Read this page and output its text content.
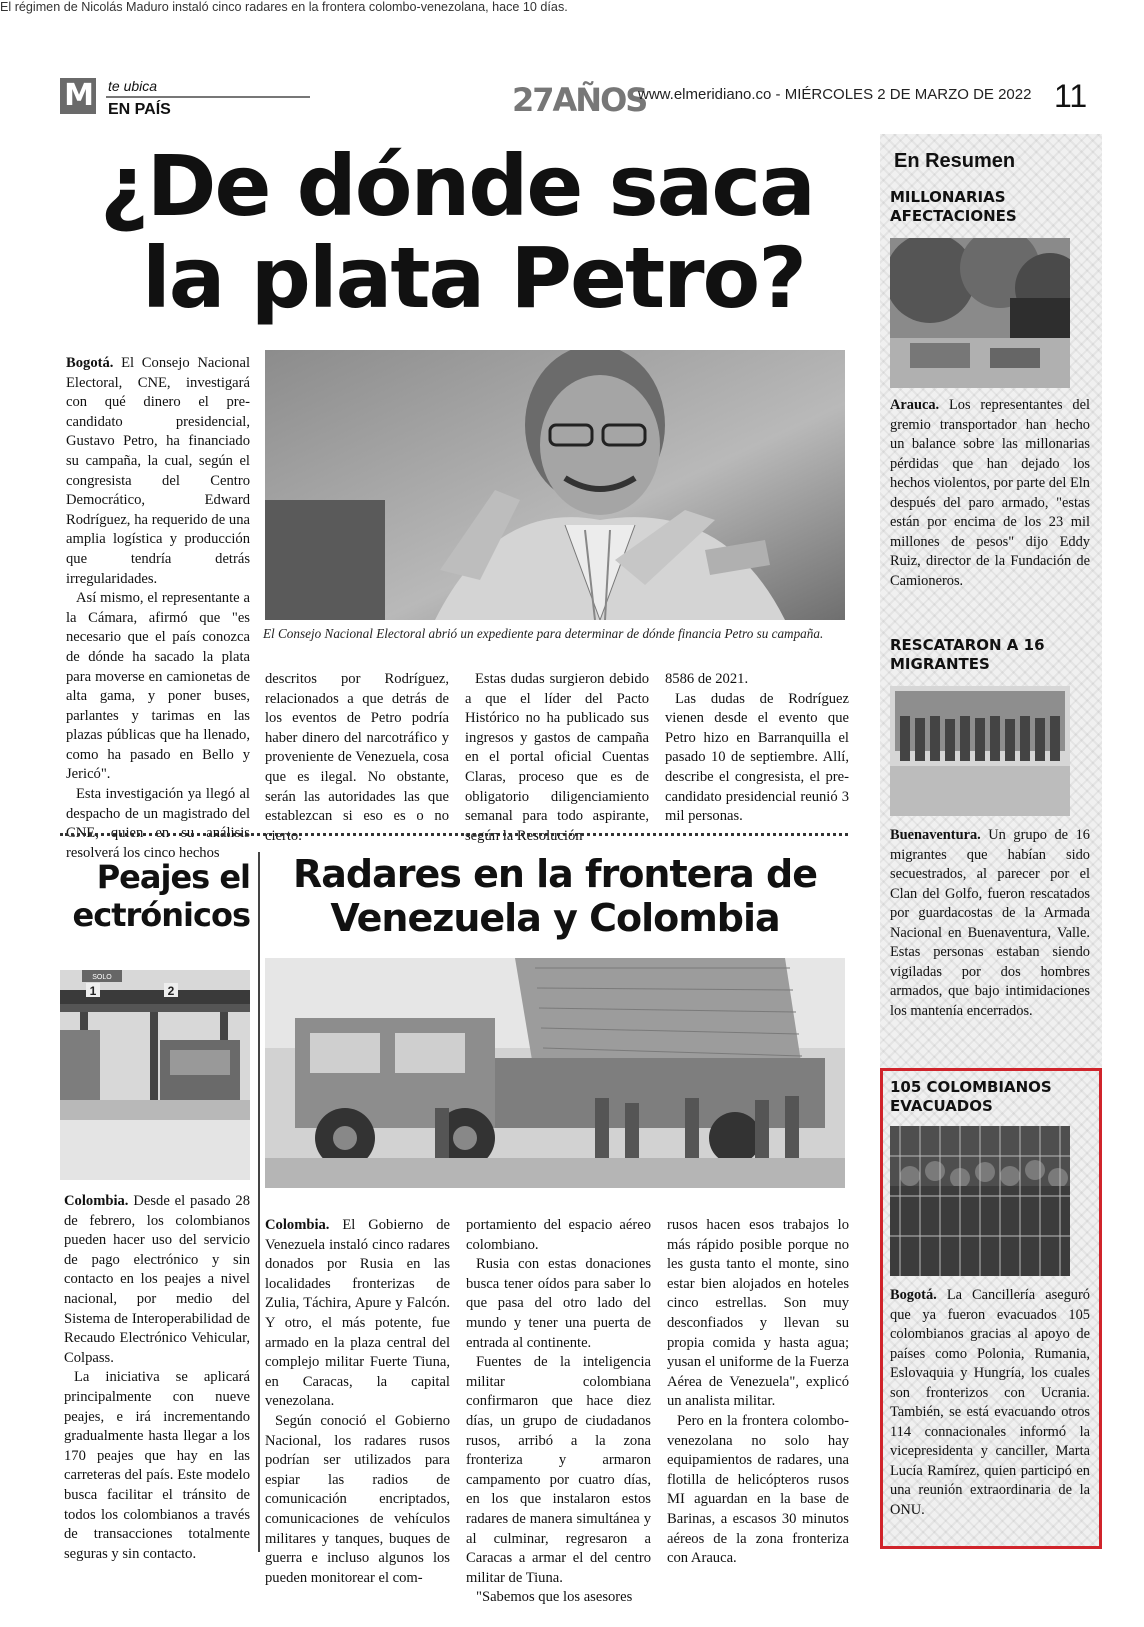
M te ubica
EN PAÍS	27AÑOS
www.elmeridiano.co - MIÉRCOLES 2 DE MARZO DE 2022 11
¿De dónde saca
la plata Petro?

Bogotá. El Consejo Nacional Electoral, CNE, investigará con qué dinero el pre-candidato presidencial, Gustavo Petro, ha financiado su campaña, la cual, según el congresista del Centro Democrático, Edward Rodríguez, ha requerido de una amplia logística y producción que tendría detrás irregularidades.

Así mismo, el representante a la Cámara, afirmó que "es necesario que el país conozca de dónde ha sacado la plata para moverse en camionetas de alta gama, y poner buses, parlantes y tarimas en las plazas públicas que ha llenado, como ha pasado en Bello y Jericó".

Esta investigación ya llegó al despacho de un magistrado del CNE, quien en su análisis resolverá los cinco hechos

El Consejo Nacional Electoral abrió un expediente para determinar de dónde financia Petro su campaña.

descritos por Rodríguez, relacionados a que detrás de los eventos de Petro podría haber dinero del narcotráfico y proveniente de Venezuela, cosa que es ilegal. No obstante, serán las autoridades las que establezcan si eso es o no cierto.

Estas dudas surgieron debido a que el líder del Pacto Histórico no ha publicado sus ingresos y gastos de campaña en el portal oficial Cuentas Claras, proceso que es de obligatorio diligenciamiento semanal para todo aspirante, según la Resolución

8586 de 2021.

Las dudas de Rodríguez vienen desde el evento que Petro hizo en Barranquilla el pasado 10 de septiembre. Allí, describe el congresista, el pre-candidato presidencial reunió 3 mil personas.

Peajes el
ectrónicos
SOLO
1	2

Colombia. Desde el pasado 28 de febrero, los colombianos pueden hacer uso del servicio de pago electrónico y sin contacto en los peajes a nivel nacional, por medio del Sistema de Interoperabilidad de Recaudo Electrónico Vehicular, Colpass.

La iniciativa se aplicará principalmente con nueve peajes, e irá incrementando gradualmente hasta llegar a los 170 peajes que hay en las carreteras del país. Este modelo busca facilitar el tránsito de todos los colombianos a través de transacciones totalmente seguras y sin contacto.

Radares en la frontera de
Venezuela y Colombia
El régimen de Nicolás Maduro instaló cinco radares en la frontera colombo-venezolana, hace 10 días.

Colombia. El Gobierno de Venezuela instaló cinco radares donados por Rusia en las localidades fronterizas de Zulia, Táchira, Apure y Falcón. Y otro, el más potente, fue armado en la plaza central del complejo militar Fuerte Tiuna, en Caracas, la capital venezolana.

Según conoció el Gobierno Nacional, los radares rusos podrían ser utilizados para espiar las radios de comunicación encriptados, comunicaciones de vehículos militares y tanques, buques de guerra e incluso algunos los pueden monitorear el com-

portamiento del espacio aéreo colombiano.

Rusia con estas donaciones busca tener oídos para saber lo que pasa del otro lado del mundo y tener una puerta de entrada al continente.

Fuentes de la inteligencia militar colombiana confirmaron que hace diez días, un grupo de ciudadanos rusos, arribó a la zona fronteriza y armaron campamento por cuatro días, en los que instalaron estos radares de manera simultánea y al culminar, regresaron a Caracas a armar el del centro militar de Tiuna.

"Sabemos que los asesores

rusos hacen esos trabajos lo más rápido posible porque no les gusta tanto el monte, sino estar bien alojados en hoteles cinco estrellas. Son muy desconfiados y llevan su propia comida y hasta agua; yusan el uniforme de la Fuerza Aérea de Venezuela", explicó un analista militar.

Pero en la frontera colombo-venezolana no solo hay equipamientos de radares, una flotilla de helicópteros rusos MI aguardan en la base de Barinas, a escasos 30 minutos aéreos de la zona fronteriza con Arauca.

En Resumen
MILLONARIAS AFECTACIONES
Arauca. Los representantes del gremio transportador han hecho un balance sobre las millonarias pérdidas que han dejado los hechos violentos, por parte del Eln después del paro armado, "estas están por encima de los 23 mil millones de pesos" dijo Eddy Ruiz, director de la Fundación de Camioneros.
RESCATARON A 16 MIGRANTES
Buenaventura. Un grupo de 16 migrantes que habían sido secuestrados, al parecer por el Clan del Golfo, fueron rescatados por guardacostas de la Armada Nacional en Buenaventura, Valle. Estas personas estaban siendo vigiladas por dos hombres armados, que bajo intimidaciones los mantenía encerrados.
105 COLOMBIANOS EVACUADOS
Bogotá. La Cancillería aseguró que ya fueron evacuados 105 colombianos gracias al apoyo de países como Polonia, Rumania, Eslovaquia y Hungría, los cuales son fronterizos con Ucrania. También, se está evacuando otros 114 connacionales informó la vicepresidenta y canciller, Marta Lucía Ramírez, quien participó en una reunión extraordinaria de la ONU.
